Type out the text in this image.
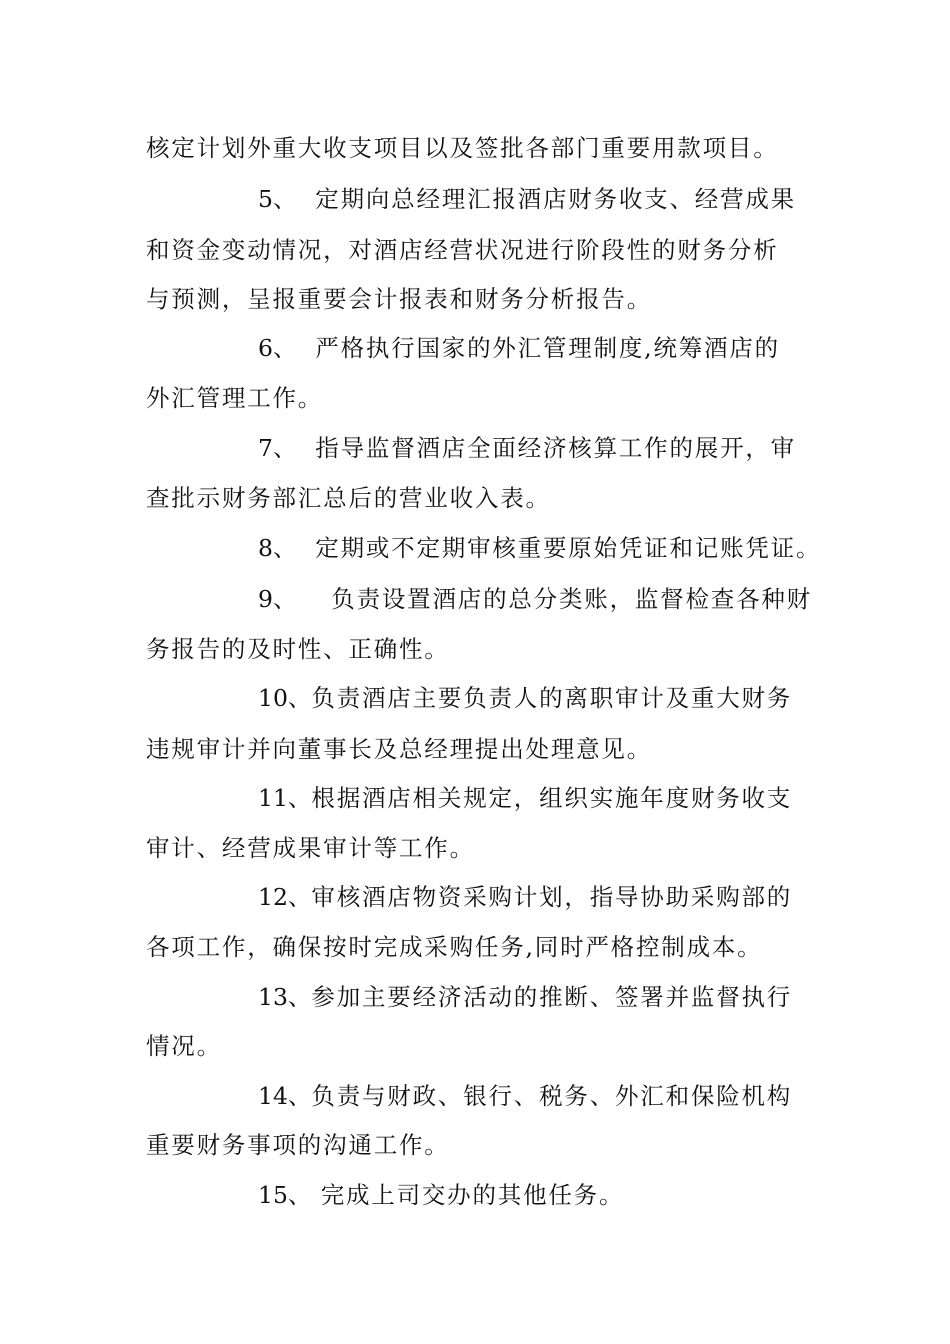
核定计划外重大收支项目以及签批各部门重要用款项目。
5、 定期向总经理汇报酒店财务收支、经营成果
和资金变动情况，对酒店经营状况进行阶段性的财务分析
与预测，呈报重要会计报表和财务分析报告。
6、 严格执行国家的外汇管理制度,统筹酒店的
外汇管理工作。
7、 指导监督酒店全面经济核算工作的展开，审
查批示财务部汇总后的营业收入表。
8、 定期或不定期审核重要原始凭证和记账凭证。
9、 负责设置酒店的总分类账，监督检查各种财
务报告的及时性、正确性。
10、负责酒店主要负责人的离职审计及重大财务
违规审计并向董事长及总经理提出处理意见。
11、根据酒店相关规定，组织实施年度财务收支
审计、经营成果审计等工作。
12、审核酒店物资采购计划，指导协助采购部的
各项工作，确保按时完成采购任务,同时严格控制成本。
13、参加主要经济活动的推断、签署并监督执行
情况。
14、负责与财政、银行、税务、外汇和保险机构
重要财务事项的沟通工作。
15、 完成上司交办的其他任务。
